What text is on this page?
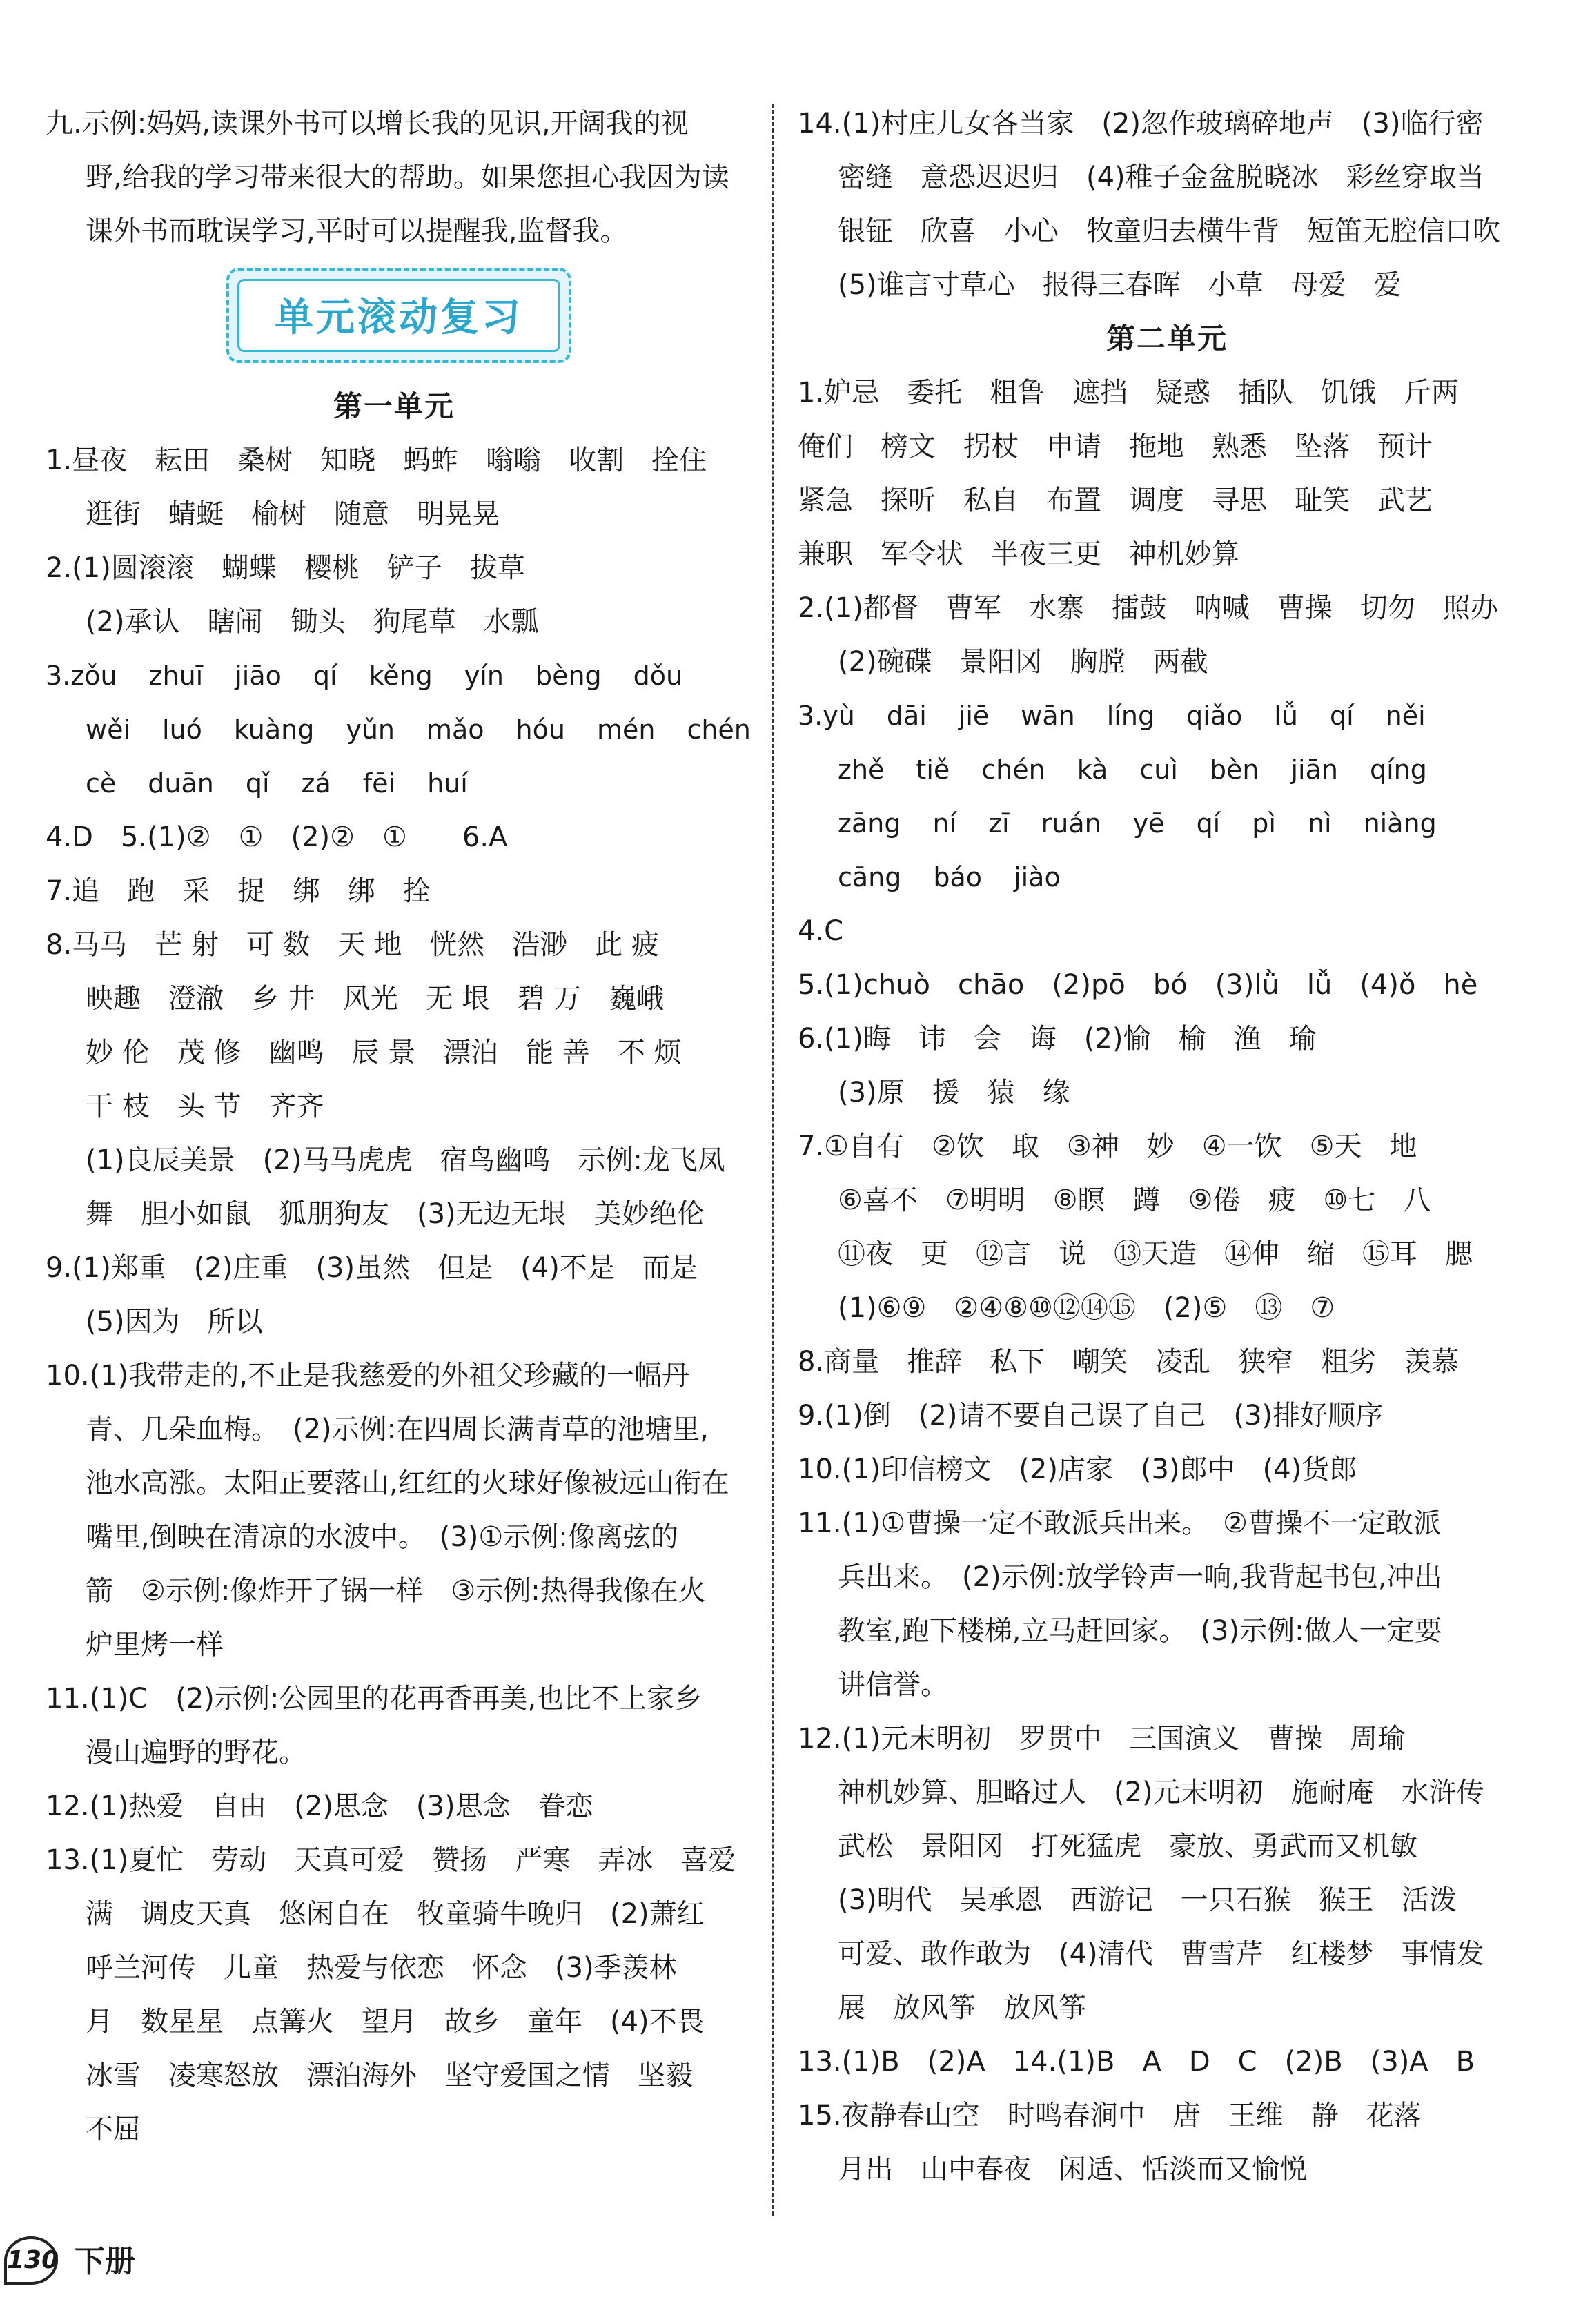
九.示例:妈妈,读课外书可以增长我的见识,开阔我的视
野,给我的学习带来很大的帮助。如果您担心我因为读
课外书而耽误学习,平时可以提醒我,监督我。
单元滚动复习
第一单元
1.昼夜　耘田　桑树　知晓　蚂蚱　嗡嗡　收割　拴住
逛街　蜻蜓　榆树　随意　明晃晃
2.(1)圆滚滚　蝴蝶　樱桃　铲子　拔草
(2)承认　瞎闹　锄头　狗尾草　水瓢
3.zǒu zhuī jiāo qí kěng yín bèng dǒu
wěi luó kuàng yǔn mǎo hóu mén chén
cè duān qǐ zá fēi huí
4.D　5.(1)②　①　(2)②　①　　6.A
7.追　跑　采　捉　绑　绑　拴
8.马马　芒 射　可 数　天 地　恍然　浩渺　此 疲
映趣　澄澈　乡 井　风光　无 垠　碧 万　巍峨
妙 伦　茂 修　幽鸣　辰 景　漂泊　能 善　不 烦
干 枝　头 节　齐齐
(1)良辰美景　(2)马马虎虎　宿鸟幽鸣　示例:龙飞凤
舞　胆小如鼠　狐朋狗友　(3)无边无垠　美妙绝伦
9.(1)郑重　(2)庄重　(3)虽然　但是　(4)不是　而是
(5)因为　所以
10.(1)我带走的,不止是我慈爱的外祖父珍藏的一幅丹
青、几朵血梅。　(2)示例:在四周长满青草的池塘里,
池水高涨。太阳正要落山,红红的火球好像被远山衔在
嘴里,倒映在清凉的水波中。　(3)①示例:像离弦的
箭　②示例:像炸开了锅一样　③示例:热得我像在火
炉里烤一样
11.(1)C　(2)示例:公园里的花再香再美,也比不上家乡
漫山遍野的野花。
12.(1)热爱　自由　(2)思念　(3)思念　眷恋
13.(1)夏忙　劳动　天真可爱　赞扬　严寒　弄冰　喜爱
满　调皮天真　悠闲自在　牧童骑牛晚归　(2)萧红
呼兰河传　儿童　热爱与依恋　怀念　(3)季羡林
月　数星星　点篝火　望月　故乡　童年　(4)不畏
冰雪　凌寒怒放　漂泊海外　坚守爱国之情　坚毅
不屈
14.(1)村庄儿女各当家　(2)忽作玻璃碎地声　(3)临行密
密缝　意恐迟迟归　(4)稚子金盆脱晓冰　彩丝穿取当
银钲　欣喜　小心　牧童归去横牛背　短笛无腔信口吹
(5)谁言寸草心　报得三春晖　小草　母爱　爱
第二单元
1.妒忌　委托　粗鲁　遮挡　疑惑　插队　饥饿　斤两
俺们　榜文　拐杖　申请　拖地　熟悉　坠落　预计
紧急　探听　私自　布置　调度　寻思　耻笑　武艺
兼职　军令状　半夜三更　神机妙算
2.(1)都督　曹军　水寨　擂鼓　呐喊　曹操　切勿　照办
(2)碗碟　景阳冈　胸膛　两截
3.yù dāi jiē wān líng qiǎo lǚ qí něi
zhě tiě chén kà cuì bèn jiān qíng
zāng ní zī ruán yē qí pì nì niàng
cāng báo jiào
4.C
5.(1)chuò　chāo　(2)pō　bó　(3)lǜ　lǚ　(4)ǒ　hè
6.(1)晦　讳　会　诲　(2)愉　榆　渔　瑜
(3)原　援　猿　缘
7.①自有　②饮　取　③神　妙　④一饮　⑤天　地
⑥喜不　⑦明明　⑧瞑　蹲　⑨倦　疲　⑩七　八
⑪夜　更　⑫言　说　⑬天造　⑭伸　缩　⑮耳　腮
(1)⑥⑨　②④⑧⑩⑫⑭⑮　(2)⑤　⑬　⑦
8.商量　推辞　私下　嘲笑　凌乱　狭窄　粗劣　羡慕
9.(1)倒　(2)请不要自己误了自己　(3)排好顺序
10.(1)印信榜文　(2)店家　(3)郎中　(4)货郎
11.(1)①曹操一定不敢派兵出来。　②曹操不一定敢派
兵出来。　(2)示例:放学铃声一响,我背起书包,冲出
教室,跑下楼梯,立马赶回家。　(3)示例:做人一定要
讲信誉。
12.(1)元末明初　罗贯中　三国演义　曹操　周瑜
神机妙算、胆略过人　(2)元末明初　施耐庵　水浒传
武松　景阳冈　打死猛虎　豪放、勇武而又机敏
(3)明代　吴承恩　西游记　一只石猴　猴王　活泼
可爱、敢作敢为　(4)清代　曹雪芹　红楼梦　事情发
展　放风筝　放风筝
13.(1)B　(2)A　14.(1)B　A　D　C　(2)B　(3)A　B
15.夜静春山空　时鸣春涧中　唐　王维　静　花落
月出　山中春夜　闲适、恬淡而又愉悦
130 下册
